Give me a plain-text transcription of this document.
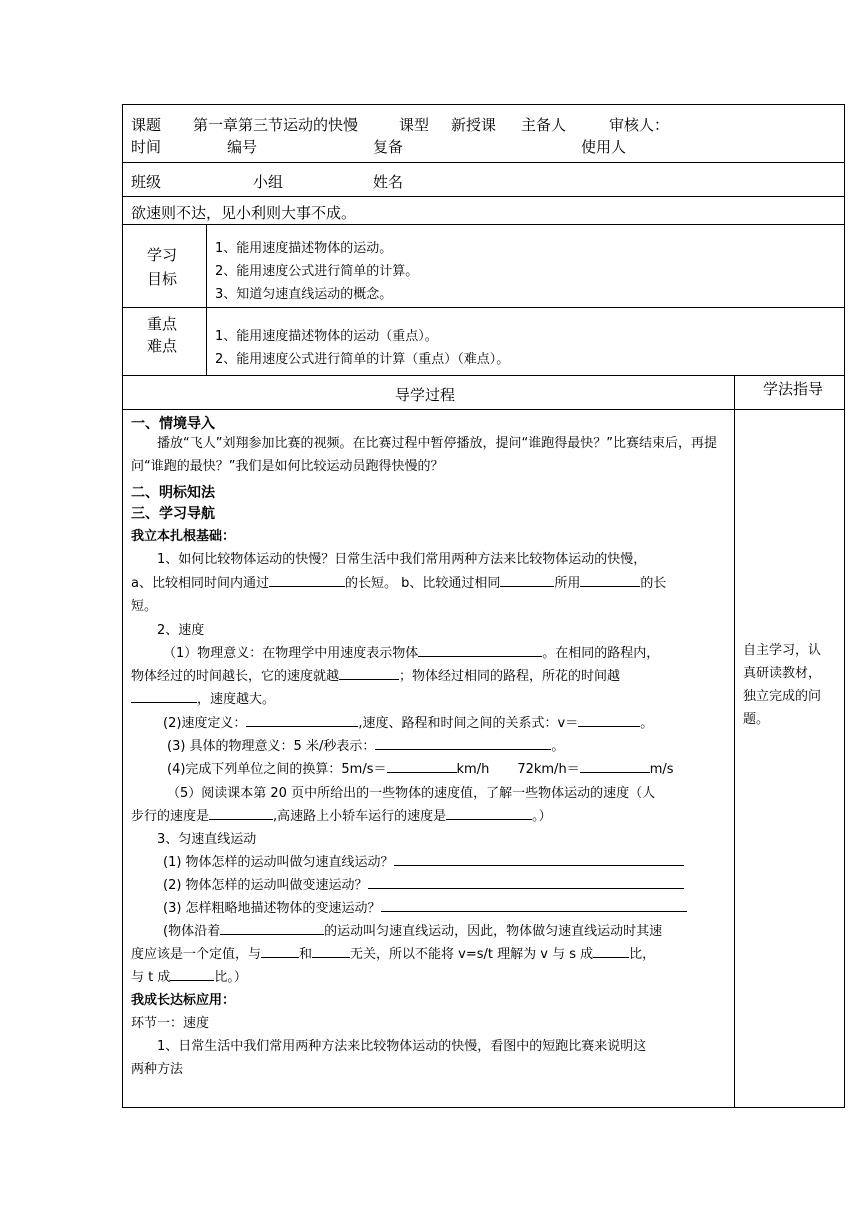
课题 第一章第三节运动的快慢	课型 新授课 主备人	审核人：
时间	编号	复备	使用人
班级	小组	姓名
欲速则不达，见小利则大事不成。
学习
目标
1、能用速度描述物体的运动。
2、能用速度公式进行简单的计算。
3、知道匀速直线运动的概念。
重点
难点
1、能用速度描述物体的运动（重点）。
2、能用速度公式进行简单的计算（重点）（难点）。
导学过程	学法指导
自主学习，认
真研读教材，
独立完成的问
题。
一、情境导入
播放“飞人”刘翔参加比赛的视频。在比赛过程中暂停播放，提问“谁跑得最快？”比赛结束后，再提问“谁跑的最快？”我们是如何比较运动员跑得快慢的？
二、明标知法
三、学习导航
我立本扎根基础：
1、如何比较物体运动的快慢？日常生活中我们常用两种方法来比较物体运动的快慢，
a、比较相同时间内通过	的长短。 b、比较通过相同	所用	的长
短。
2、速度
（1）物理意义：在物理学中用速度表示物体	。在相同的路程内，
物体经过的时间越长，它的速度就越	；物体经过相同的路程，所花的时间越
，速度越大。
(2)速度定义：	,速度、路程和时间之间的关系式：v＝	。
(3) 具体的物理意义：5 米/秒表示：	。
(4)完成下列单位之间的换算：5m/s＝	km/h 72km/h＝	m/s
（5）阅读课本第 20 页中所给出的一些物体的速度值，了解一些物体运动的速度（人
步行的速度是	,高速路上小轿车运行的速度是	。）
3、匀速直线运动
(1) 物体怎样的运动叫做匀速直线运动？
(2) 物体怎样的运动叫做变速运动？
(3) 怎样粗略地描述物体的变速运动？
(物体沿着	的运动叫匀速直线运动，因此，物体做匀速直线运动时其速
度应该是一个定值，与	和	无关，所以不能将 v=s/t 理解为 v 与 s 成	比，
与 t 成	比。）
我成长达标应用：
环节一：速度
1、日常生活中我们常用两种方法来比较物体运动的快慢，看图中的短跑比赛来说明这
两种方法
